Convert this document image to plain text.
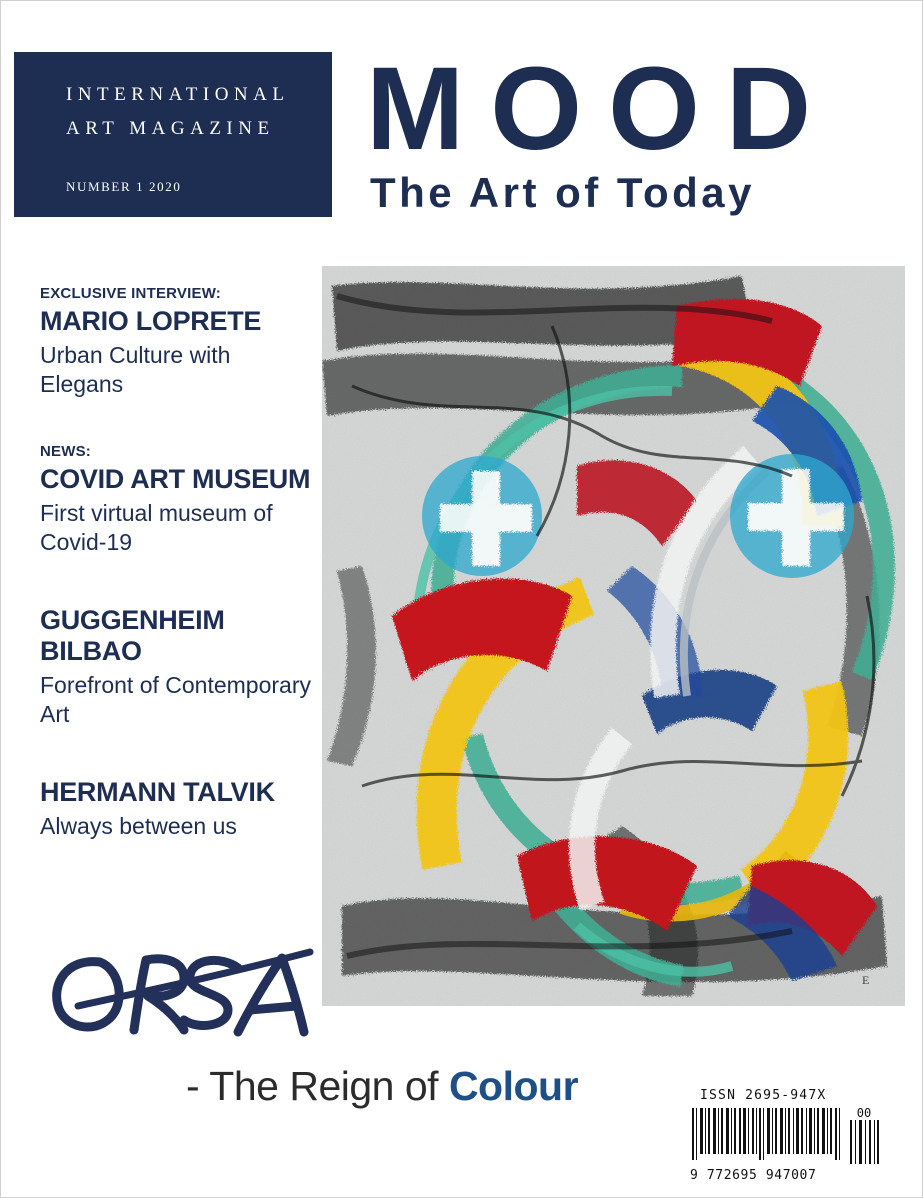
INTERNATIONAL
ART MAGAZINE
NUMBER 1 2020
MOOD
The Art of Today
EXCLUSIVE INTERVIEW:
MARIO LOPRETE
Urban Culture with Elegans
NEWS:
COVID ART MUSEUM
First virtual museum of Covid-19
GUGGENHEIM BILBAO
Forefront of Contemporary Art
HERMANN TALVIK
Always between us
E
- The Reign of Colour	ISSN 2695-947X
9 772695 947007
00
